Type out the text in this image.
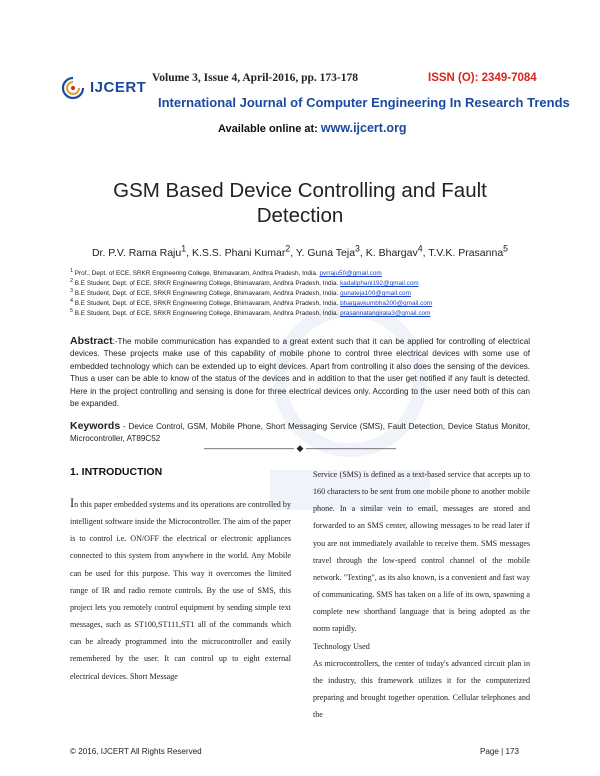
IJCERT
Volume 3, Issue 4, April-2016, pp. 173-178	ISSN (O): 2349-7084
International Journal of Computer Engineering In Research Trends
Available online at: www.ijcert.org
GSM Based Device Controlling and Fault
Detection
Dr. P.V. Rama Raju$^1$, K.S.S. Phani Kumar$^2$, Y. Guna Teja$^3$, K. Bhargav$^4$, T.V.K. Prasanna$^5$
$^1$ Prof., Dept. of ECE, SRKR Engineering College, Bhimavaram, Andhra Pradesh, India. pvrraju50@gmail.com
$^2$ B.E Student, Dept. of ECE, SRKR Engineering College, Bhimavaram, Andhra Pradesh, India. kadaliphani192@gmail.com
$^3$ B.E Student, Dept. of ECE, SRKR Engineering College, Bhimavaram, Andhra Pradesh, India. gunateja100@gmail.com
$^4$ B.E Student, Dept. of ECE, SRKR Engineering College, Bhimavaram, Andhra Pradesh, India. bhargavkumbha200@gmail.com
$^5$ B.E Student, Dept. of ECE, SRKR Engineering College, Bhimavaram, Andhra Pradesh, India. prasannatangirala3@gmail.com
Abstract:-The mobile communication has expanded to a great extent such that it can be applied for controlling of electrical devices. These projects make use of this capability of mobile phone to control three electrical devices with some use of embedded technology which can be extended up to eight devices. Apart from controlling it also does the sensing of the devices. Thus a user can be able to know of the status of the devices and in addition to that the user get notified if any fault is detected. Here in the project controlling and sensing is done for three electrical devices only. According to the user need both of this can be expanded.
Keywords - Device Control, GSM, Mobile Phone, Short Messaging Service (SMS), Fault Detection, Device Status Monitor, Microcontroller, AT89C52
—————————— ◆ ——————————
1. INTRODUCTION
In this paper embedded systems and its operations are controlled by intelligent software inside the Microcontroller. The aim of the paper is to control i.e. ON/OFF the electrical or electronic appliances connected to this system from anywhere in the world. Any Mobile can be used for this purpose. This way it overcomes the limited range of IR and radio remote controls. By the use of SMS, this project lets you remotely control equipment by sending simple text messages, such as ST100,ST111,ST1 all of the commands which can be already programmed into the microcontroller and easily remembered by the user. It can control up to eight external electrical devices. Short Message
Service (SMS) is defined as a text-based service that accepts up to 160 characters to be sent from one mobile phone to another mobile phone. In a similar vein to email, messages are stored and forwarded to an SMS center, allowing messages to be read later if you are not immediately available to receive them. SMS messages travel through the low-speed control channel of the mobile network. "Texting", as its also known, is a convenient and fast way of communicating. SMS has taken on a life of its own, spawning a complete new shorthand language that is being adopted as the norm rapidly.
Technology Used
As microcontrollers, the center of today's advanced circuit plan in the industry, this framework utilizes it for the computerized preparing and brought together operation. Cellular telephones and the
© 2016, IJCERT All Rights Reserved	Page | 173
